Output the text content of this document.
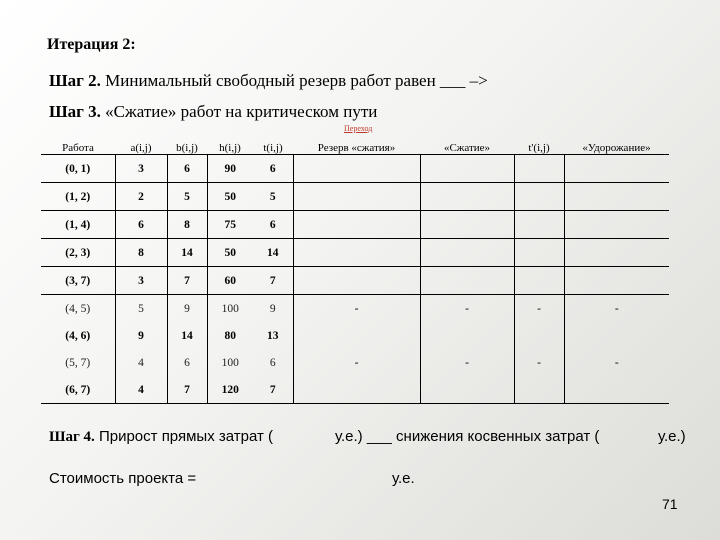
Итерация 2:
Шаг 2. Минимальный свободный резерв работ равен ___ –>
Шаг 3. «Сжатие» работ на критическом пути
Переход
Работа	a(i,j)	b(i,j)	h(i,j)	t(i,j)	Резерв «сжатия»	«Сжатие»	t'(i,j)	«Удорожание»
(0, 1)	3	6	90	6				
(1, 2)	2	5	50	5				
(1, 4)	6	8	75	6				
(2, 3)	8	14	50	14				
(3, 7)	3	7	60	7				
(4, 5)	5	9	100	9	-	-	-	-
(4, 6)	9	14	80	13				
(5, 7)	4	6	100	6	-	-	-	-
(6, 7)	4	7	120	7				
Шаг 4. Прирост прямых затрат (	у.е.) ___ снижения косвенных затрат (	у.е.)
Стоимость проекта =	у.е.
71
